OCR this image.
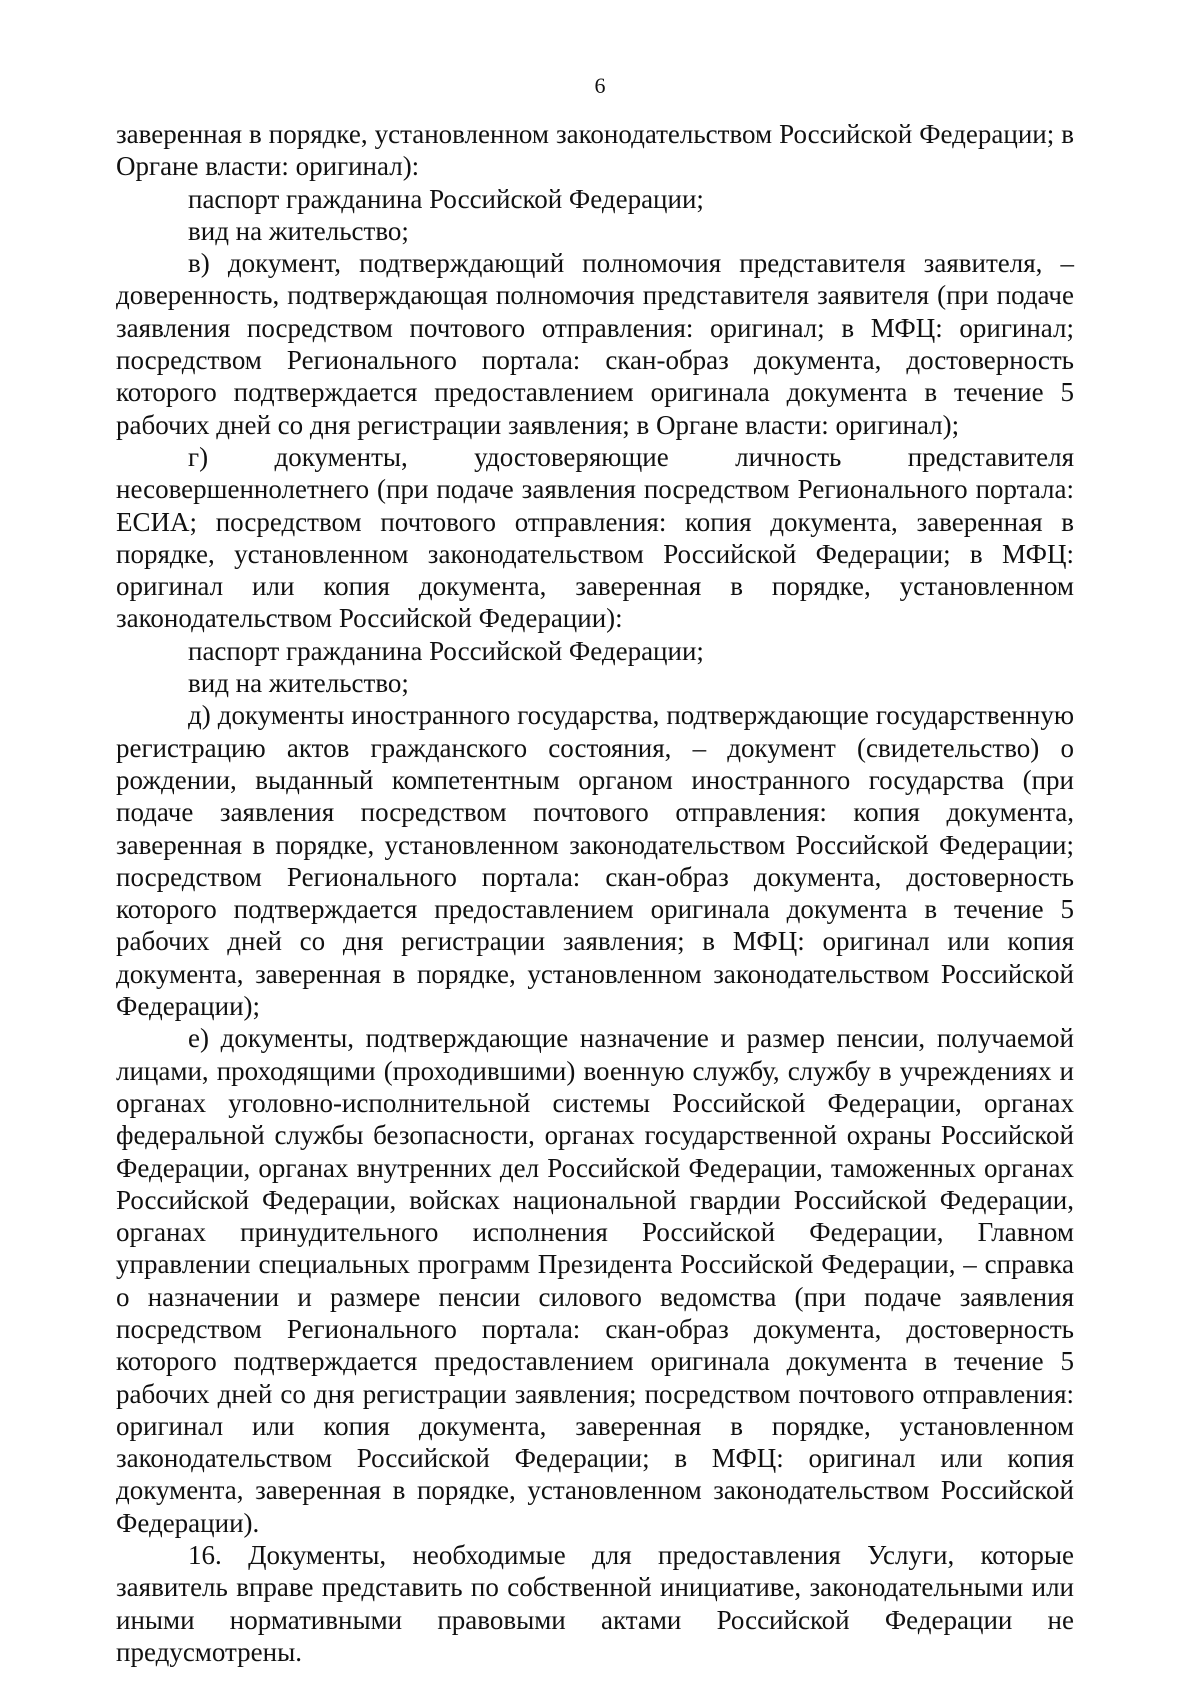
6

заверенная в порядке, установленном законодательством Российской Федерации; в Органе власти: оригинал):

паспорт гражданина Российской Федерации;

вид на жительство;

в) документ, подтверждающий полномочия представителя заявителя, – доверенность, подтверждающая полномочия представителя заявителя (при подаче заявления посредством почтового отправления: оригинал; в МФЦ: оригинал; посредством Регионального портала: скан-образ документа, достоверность которого подтверждается предоставлением оригинала документа в течение 5 рабочих дней со дня регистрации заявления; в Органе власти: оригинал);

г) документы, удостоверяющие личность представителя несовершеннолетнего (при подаче заявления посредством Регионального портала: ЕСИА; посредством почтового отправления: копия документа, заверенная в порядке, установленном законодательством Российской Федерации; в МФЦ: оригинал или копия документа, заверенная в порядке, установленном законодательством Российской Федерации):

паспорт гражданина Российской Федерации;

вид на жительство;

д) документы иностранного государства, подтверждающие государственную регистрацию актов гражданского состояния, – документ (свидетельство) о рождении, выданный компетентным органом иностранного государства (при подаче заявления посредством почтового отправления: копия документа, заверенная в порядке, установленном законодательством Российской Федерации; посредством Регионального портала: скан-образ документа, достоверность которого подтверждается предоставлением оригинала документа в течение 5 рабочих дней со дня регистрации заявления; в МФЦ: оригинал или копия документа, заверенная в порядке, установленном законодательством Российской Федерации);

е) документы, подтверждающие назначение и размер пенсии, получаемой лицами, проходящими (проходившими) военную службу, службу в учреждениях и органах уголовно-исполнительной системы Российской Федерации, органах федеральной службы безопасности, органах государственной охраны Российской Федерации, органах внутренних дел Российской Федерации, таможенных органах Российской Федерации, войсках национальной гвардии Российской Федерации, органах принудительного исполнения Российской Федерации, Главном управлении специальных программ Президента Российской Федерации, – справка о назначении и размере пенсии силового ведомства (при подаче заявления посредством Регионального портала: скан-образ документа, достоверность которого подтверждается предоставлением оригинала документа в течение 5 рабочих дней со дня регистрации заявления; посредством почтового отправления: оригинал или копия документа, заверенная в порядке, установленном законодательством Российской Федерации; в МФЦ: оригинал или копия документа, заверенная в порядке, установленном законодательством Российской Федерации).

16. Документы, необходимые для предоставления Услуги, которые заявитель вправе представить по собственной инициативе, законодательными или иными нормативными правовыми актами Российской Федерации не предусмотрены.
